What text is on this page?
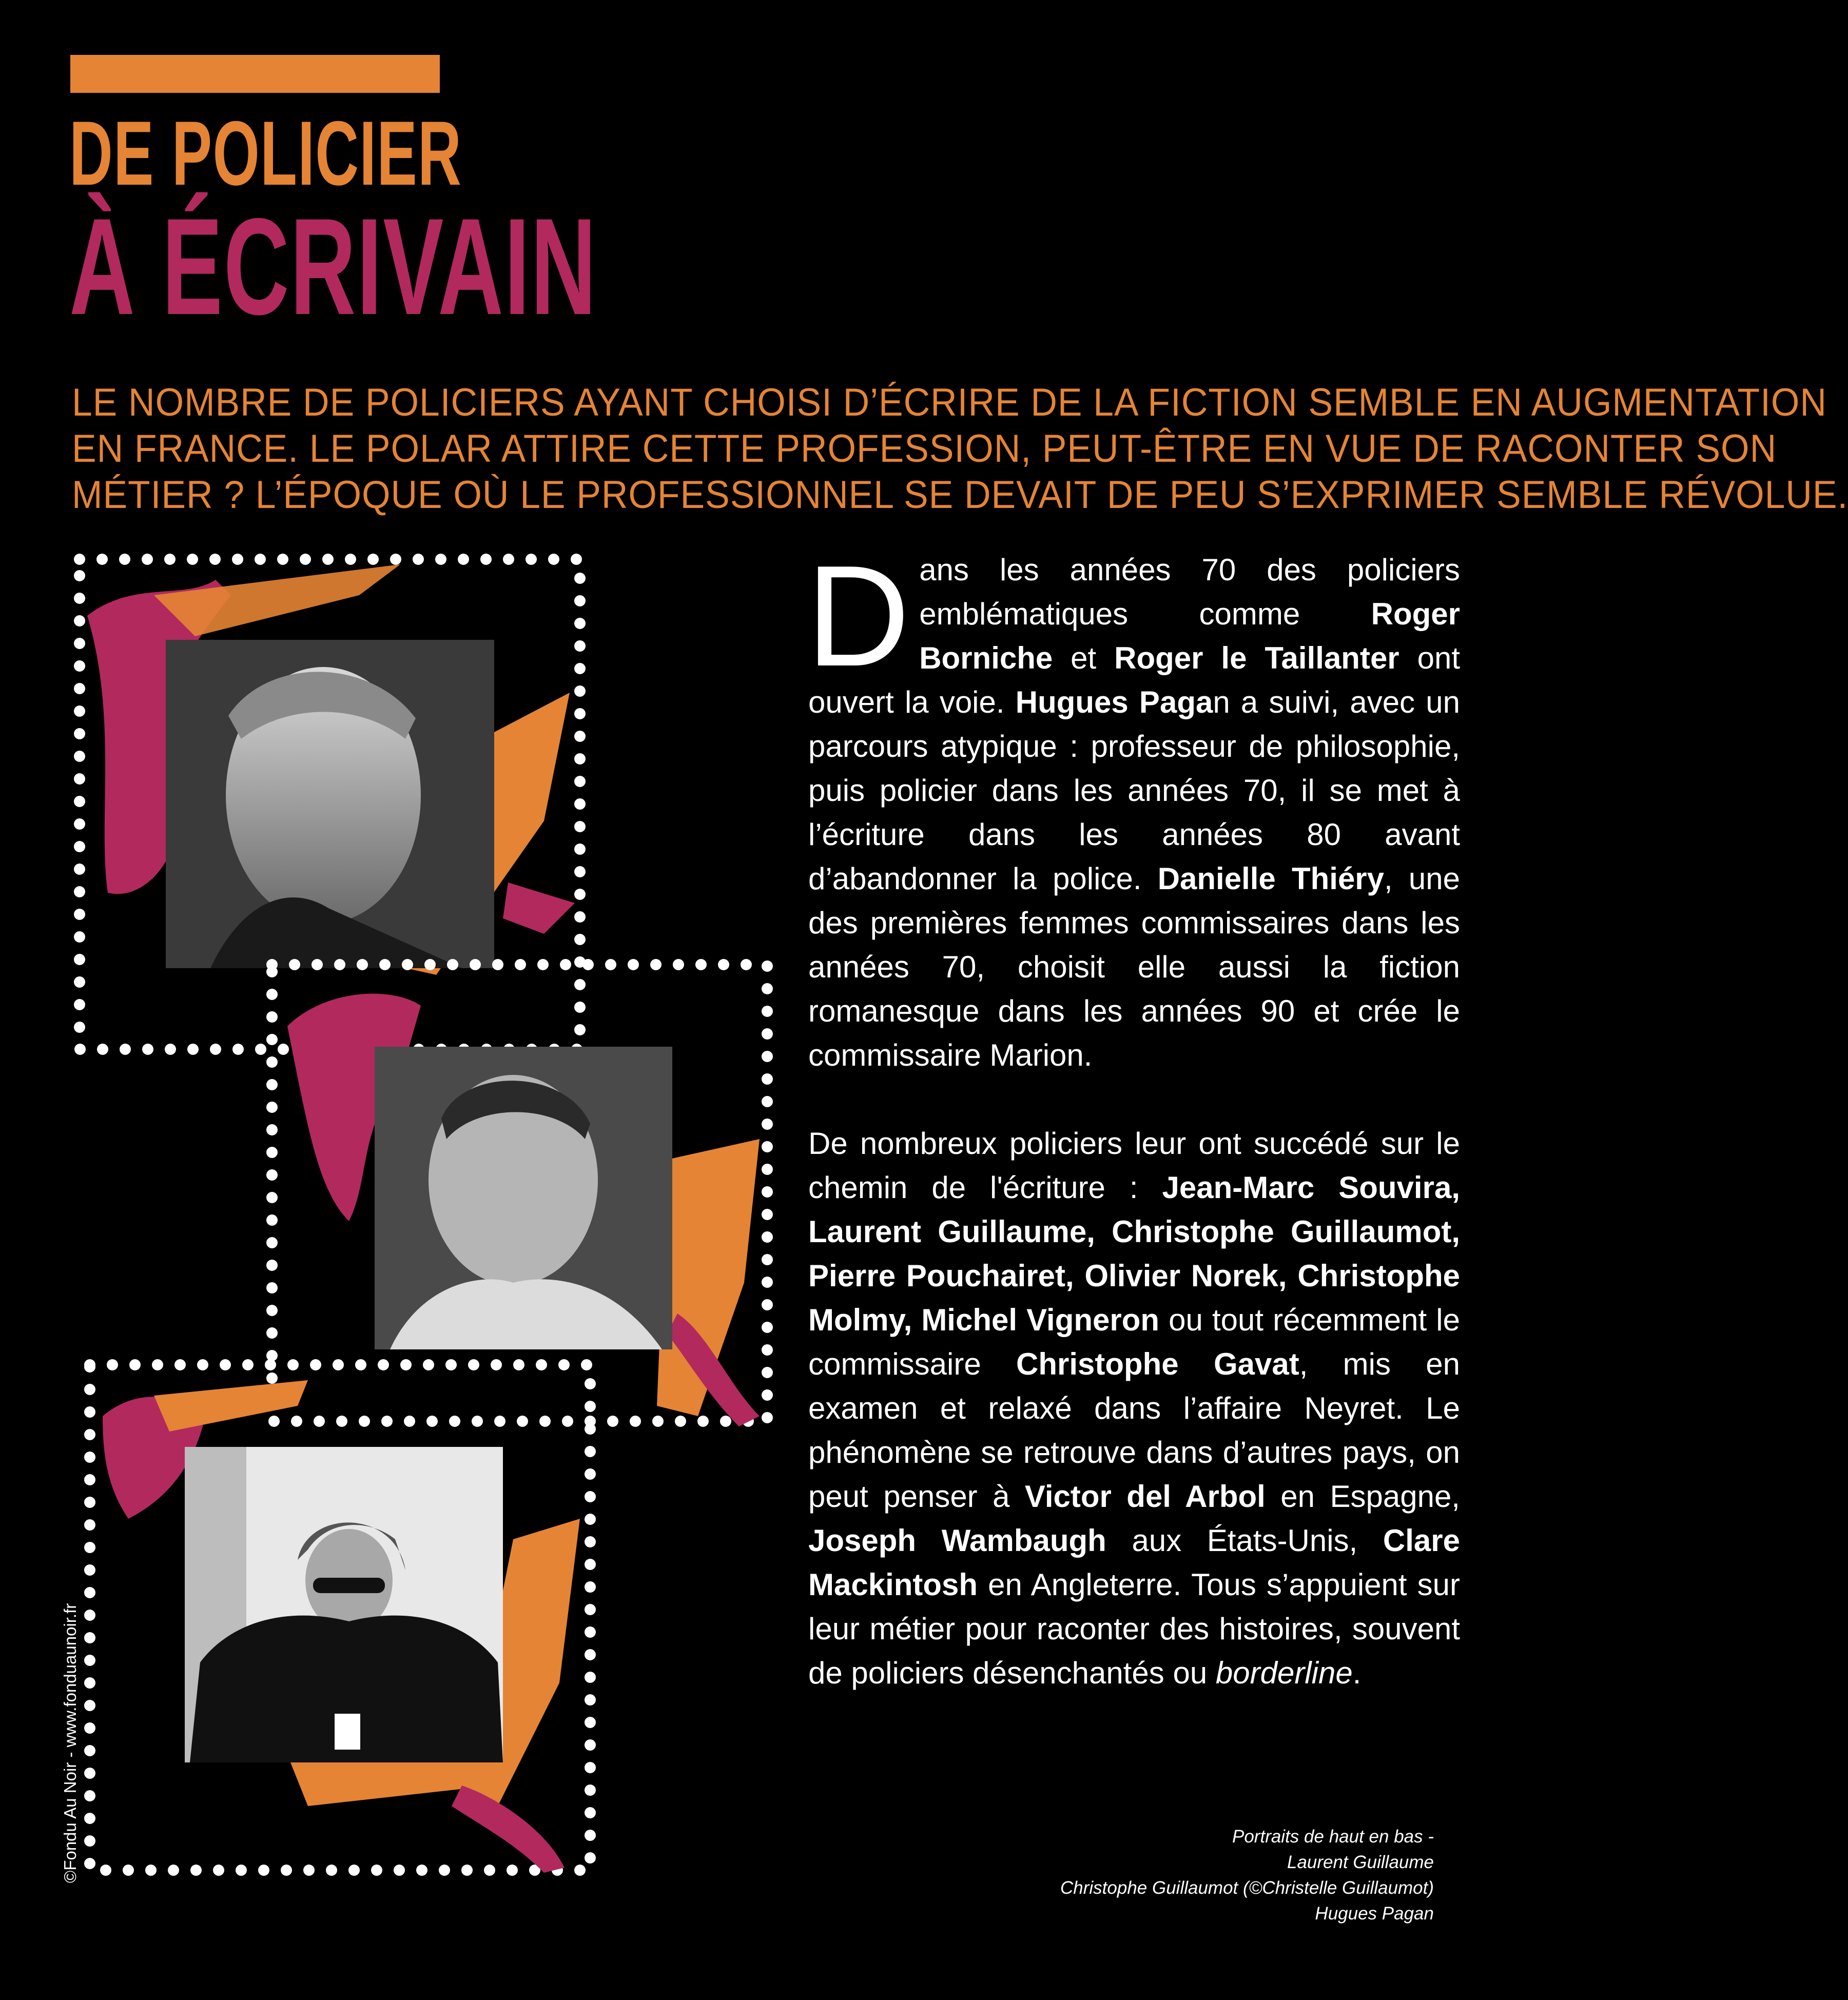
DE POLICIER
À ÉCRIVAIN
LE NOMBRE DE POLICIERS AYANT CHOISI D’ÉCRIRE DE LA FICTION SEMBLE EN AUGMENTATION
EN FRANCE. LE POLAR ATTIRE CETTE PROFESSION, PEUT-ÊTRE EN VUE DE RACONTER SON
MÉTIER ? L’ÉPOQUE OÙ LE PROFESSIONNEL SE DEVAIT DE PEU S’EXPRIMER SEMBLE RÉVOLUE.

Dans les années 70 des policiers emblématiques comme Roger Borniche et Roger le Taillanter ont ouvert la voie. Hugues Pagan a suivi, avec un parcours atypique : professeur de philosophie, puis policier dans les années 70, il se met à l’écriture dans les années 80 avant d’abandonner la police. Danielle Thiéry, une des premières femmes commissaires dans les années 70, choisit elle aussi la fiction romanesque dans les années 90 et crée le commissaire Marion.

De nombreux policiers leur ont succédé sur le chemin de l'écriture : Jean-Marc Souvira, Laurent Guillaume, Christophe Guillaumot, Pierre Pouchairet, Olivier Norek, Christophe Molmy, Michel Vigneron ou tout récemment le commissaire Christophe Gavat, mis en examen et relaxé dans l’affaire Neyret. Le phénomène se retrouve dans d’autres pays, on peut penser à Victor del Arbol en Espagne, Joseph Wambaugh aux États-Unis, Clare Mackintosh en Angleterre. Tous s’appuient sur leur métier pour raconter des histoires, souvent de policiers désenchantés ou borderline.

Portraits de haut en bas -
Laurent Guillaume
Christophe Guillaumot (©Christelle Guillaumot)
Hugues Pagan
©Fondu Au Noir - www.fonduaunoir.fr
